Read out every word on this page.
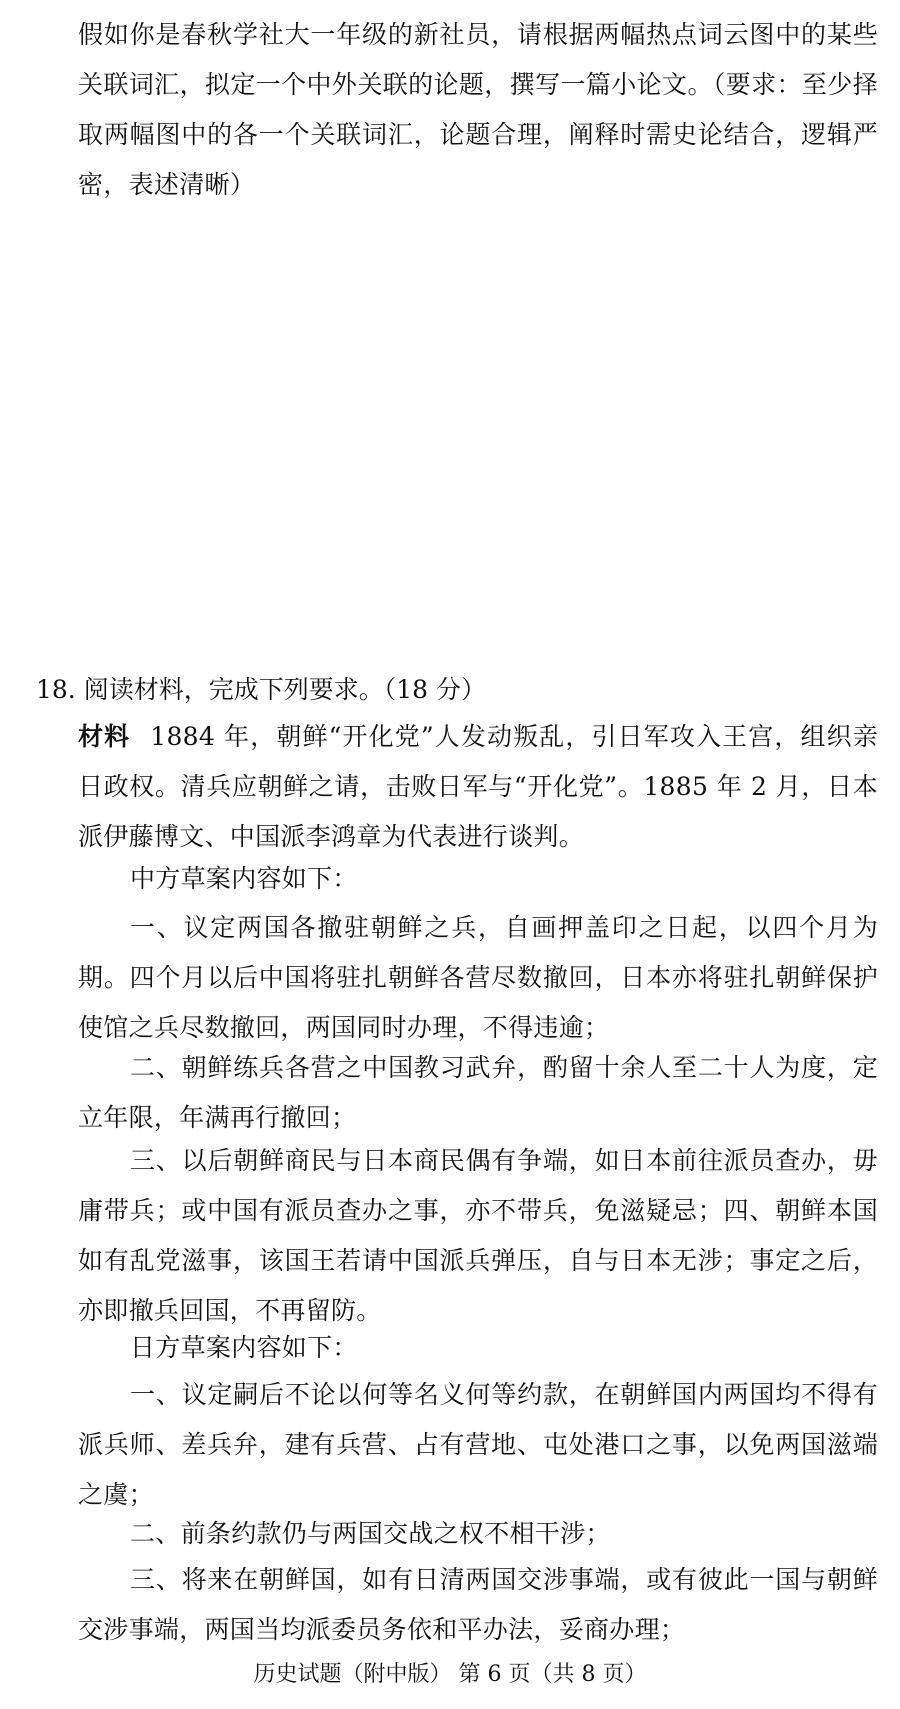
假如你是春秋学社大一年级的新社员，请根据两幅热点词云图中的某些关联词汇，拟定一个中外关联的论题，撰写一篇小论文。（要求：至少择取两幅图中的各一个关联词汇，论题合理，阐释时需史论结合，逻辑严密，表述清晰）

18. 阅读材料，完成下列要求。（18 分）

材料 1884 年，朝鲜“开化党”人发动叛乱，引日军攻入王宫，组织亲日政权。清兵应朝鲜之请，击败日军与“开化党”。1885 年 2 月，日本派伊藤博文、中国派李鸿章为代表进行谈判。

中方草案内容如下：

一、议定两国各撤驻朝鲜之兵，自画押盖印之日起，以四个月为期。四个月以后中国将驻扎朝鲜各营尽数撤回，日本亦将驻扎朝鲜保护使馆之兵尽数撤回，两国同时办理，不得违逾；

二、朝鲜练兵各营之中国教习武弁，酌留十余人至二十人为度，定立年限，年满再行撤回；

三、以后朝鲜商民与日本商民偶有争端，如日本前往派员查办，毋庸带兵；或中国有派员查办之事，亦不带兵，免滋疑忌；四、朝鲜本国如有乱党滋事，该国王若请中国派兵弹压，自与日本无涉；事定之后，亦即撤兵回国，不再留防。

日方草案内容如下：

一、议定嗣后不论以何等名义何等约款，在朝鲜国内两国均不得有派兵师、差兵弁，建有兵营、占有营地、屯处港口之事，以免两国滋端之虞；

二、前条约款仍与两国交战之权不相干涉；

三、将来在朝鲜国，如有日清两国交涉事端，或有彼此一国与朝鲜交涉事端，两国当均派委员务依和平办法，妥商办理；

历史试题（附中版） 第 6 页（共 8 页）
